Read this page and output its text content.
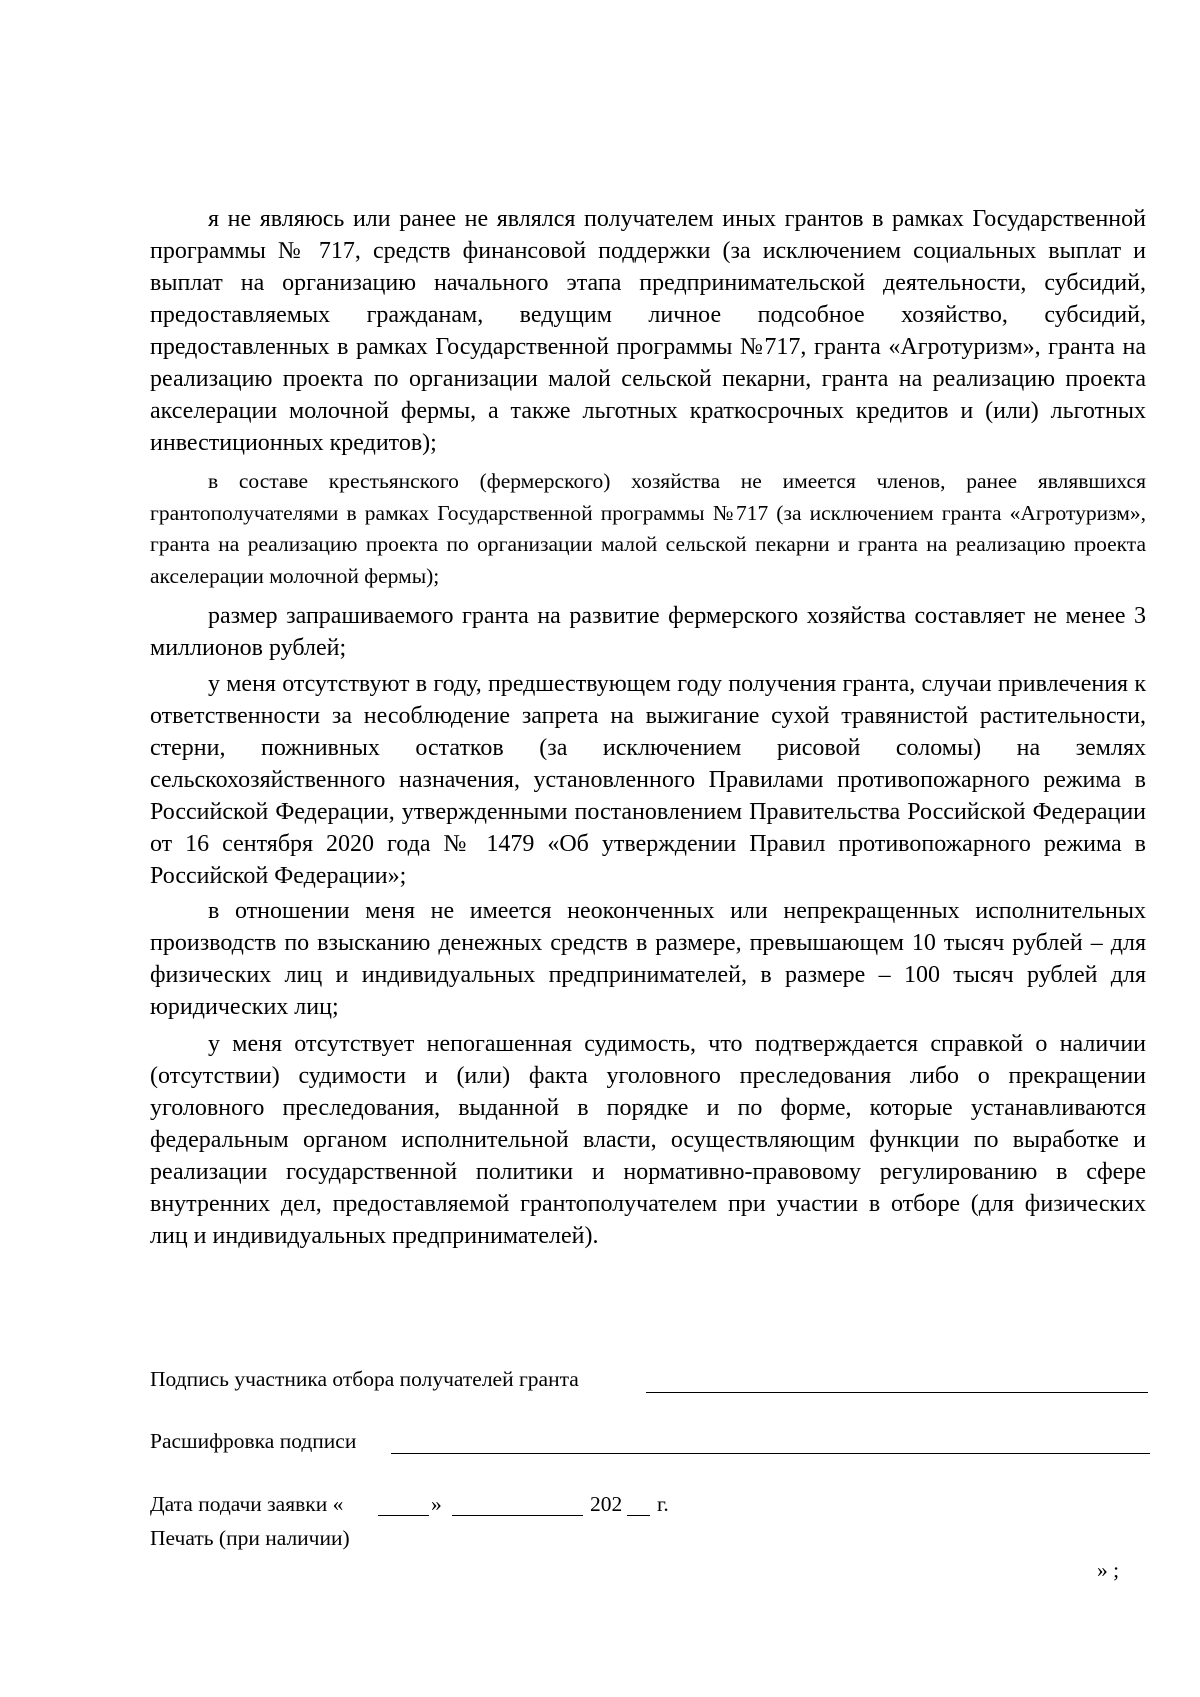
я не являюсь или ранее не являлся получателем иных грантов в рамках Государственной программы № 717, средств финансовой поддержки (за исключением социальных выплат и выплат на организацию начального этапа предпринимательской деятельности, субсидий, предоставляемых гражданам, ведущим личное подсобное хозяйство, субсидий, предоставленных в рамках Государственной программы №717, гранта «Агротуризм», гранта на реализацию проекта по организации малой сельской пекарни, гранта на реализацию проекта акселерации молочной фермы, а также льготных краткосрочных кредитов и (или) льготных инвестиционных кредитов);

в составе крестьянского (фермерского) хозяйства не имеется членов, ранее являвшихся грантополучателями в рамках Государственной программы №717 (за исключением гранта «Агротуризм», гранта на реализацию проекта по организации малой сельской пекарни и гранта на реализацию проекта акселерации молочной фермы);

размер запрашиваемого гранта на развитие фермерского хозяйства составляет не менее 3 миллионов рублей;

у меня отсутствуют в году, предшествующем году получения гранта, случаи привлечения к ответственности за несоблюдение запрета на выжигание сухой травянистой растительности, стерни, пожнивных остатков (за исключением рисовой соломы) на землях сельскохозяйственного назначения, установленного Правилами противопожарного режима в Российской Федерации, утвержденными постановлением Правительства Российской Федерации от 16 сентября 2020 года № 1479 «Об утверждении Правил противопожарного режима в Российской Федерации»;

в отношении меня не имеется неоконченных или непрекращенных исполнительных производств по взысканию денежных средств в размере, превышающем 10 тысяч рублей – для физических лиц и индивидуальных предпринимателей, в размере – 100 тысяч рублей для юридических лиц;

у меня отсутствует непогашенная судимость, что подтверждается справкой о наличии (отсутствии) судимости и (или) факта уголовного преследования либо о прекращении уголовного преследования, выданной в порядке и по форме, которые устанавливаются федеральным органом исполнительной власти, осуществляющим функции по выработке и реализации государственной политики и нормативно-правовому регулированию в сфере внутренних дел, предоставляемой грантополучателем при участии в отборе (для физических лиц и индивидуальных предпринимателей).

Подпись участника отбора получателей гранта
Расшифровка подписи
Дата подачи заявки «	»	202 г.
Печать (при наличии)
» ;
